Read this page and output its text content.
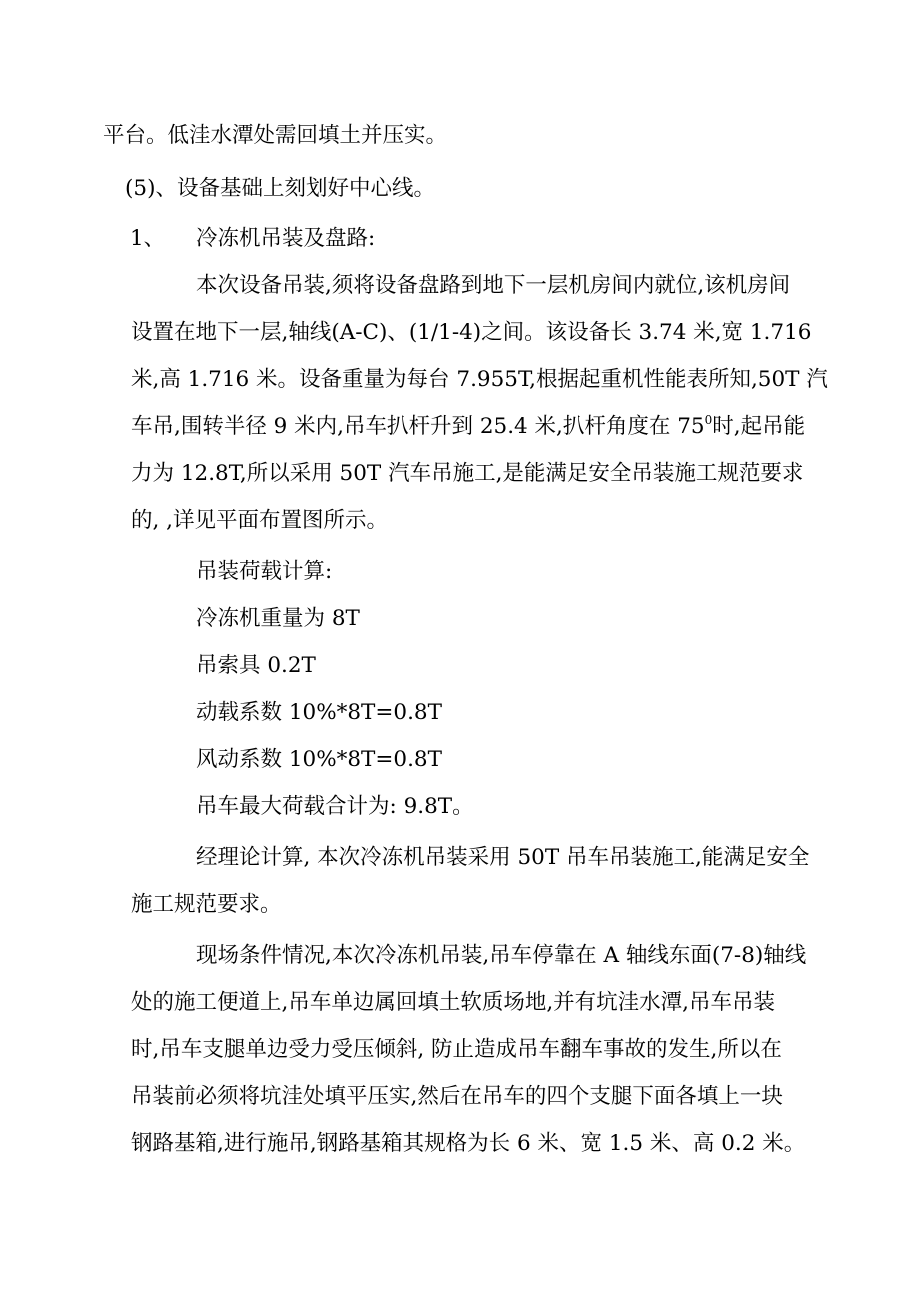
平台。低洼水潭处需回填土并压实。
(5)、设备基础上刻划好中心线。
1、 冷冻机吊装及盘路:
本次设备吊装,须将设备盘路到地下一层机房间内就位,该机房间
设置在地下一层,轴线(A-C)、(1/1-4)之间。该设备长 3.74 米,宽 1.716
米,高 1.716 米。设备重量为每台 7.955T,根据起重机性能表所知,50T 汽
车吊,围转半径 9 米内,吊车扒杆升到 25.4 米,扒杆角度在 $75^0$时,起吊能
力为 12.8T,所以采用 50T 汽车吊施工,是能满足安全吊装施工规范要求
的, ,详见平面布置图所示。
吊装荷载计算:
冷冻机重量为 8T
吊索具 0.2T
动载系数 10%*8T=0.8T
风动系数 10%*8T=0.8T
吊车最大荷载合计为: 9.8T。
经理论计算, 本次冷冻机吊装采用 50T 吊车吊装施工,能满足安全
施工规范要求。
现场条件情况,本次冷冻机吊装,吊车停靠在 A 轴线东面(7-8)轴线
处的施工便道上,吊车单边属回填土软质场地,并有坑洼水潭,吊车吊装
时,吊车支腿单边受力受压倾斜, 防止造成吊车翻车事故的发生,所以在
吊装前必须将坑洼处填平压实,然后在吊车的四个支腿下面各填上一块
钢路基箱,进行施吊,钢路基箱其规格为长 6 米、宽 1.5 米、高 0.2 米。
